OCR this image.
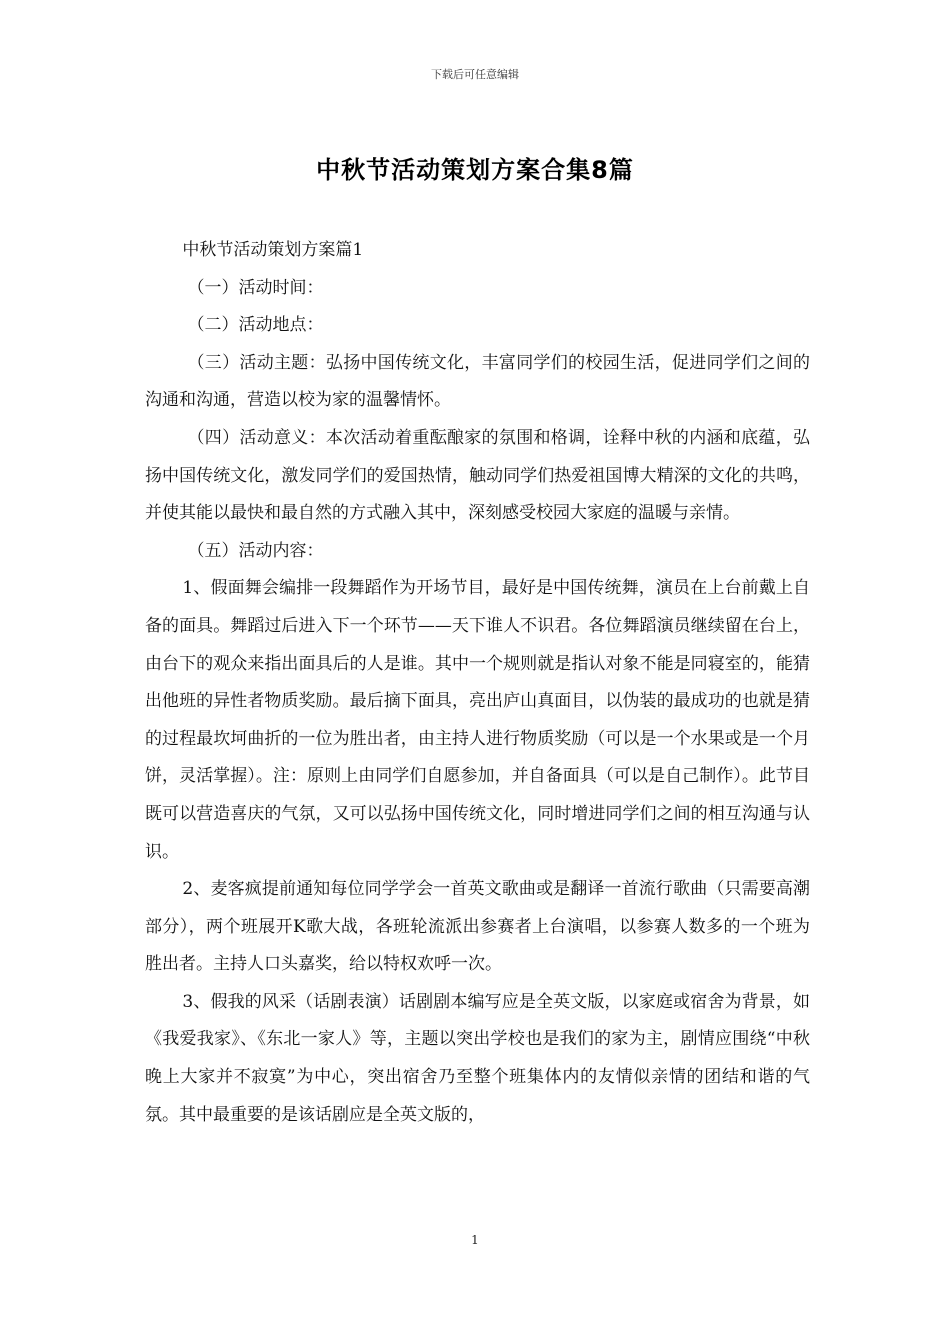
下载后可任意编辑
中秋节活动策划方案合集8篇

中秋节活动策划方案篇1

（一）活动时间：

（二）活动地点：

（三）活动主题：弘扬中国传统文化，丰富同学们的校园生活，促进同学们之间的沟通和沟通，营造以校为家的温馨情怀。

（四）活动意义：本次活动着重酝酿家的氛围和格调，诠释中秋的内涵和底蕴，弘扬中国传统文化，激发同学们的爱国热情，触动同学们热爱祖国博大精深的文化的共鸣，并使其能以最快和最自然的方式融入其中，深刻感受校园大家庭的温暖与亲情。

（五）活动内容：

1、假面舞会编排一段舞蹈作为开场节目，最好是中国传统舞，演员在上台前戴上自备的面具。舞蹈过后进入下一个环节——天下谁人不识君。各位舞蹈演员继续留在台上，由台下的观众来指出面具后的人是谁。其中一个规则就是指认对象不能是同寝室的，能猜出他班的异性者物质奖励。最后摘下面具，亮出庐山真面目，以伪装的最成功的也就是猜的过程最坎坷曲折的一位为胜出者，由主持人进行物质奖励（可以是一个水果或是一个月饼，灵活掌握）。注：原则上由同学们自愿参加，并自备面具（可以是自己制作）。此节目既可以营造喜庆的气氛，又可以弘扬中国传统文化，同时增进同学们之间的相互沟通与认识。

2、麦客疯提前通知每位同学学会一首英文歌曲或是翻译一首流行歌曲（只需要高潮部分），两个班展开K歌大战，各班轮流派出参赛者上台演唱，以参赛人数多的一个班为胜出者。主持人口头嘉奖，给以特权欢呼一次。

3、假我的风采（话剧表演）话剧剧本编写应是全英文版，以家庭或宿舍为背景，如《我爱我家》、《东北一家人》等，主题以突出学校也是我们的家为主，剧情应围绕“中秋晚上大家并不寂寞”为中心，突出宿舍乃至整个班集体内的友情似亲情的团结和谐的气氛。其中最重要的是该话剧应是全英文版的，

1
